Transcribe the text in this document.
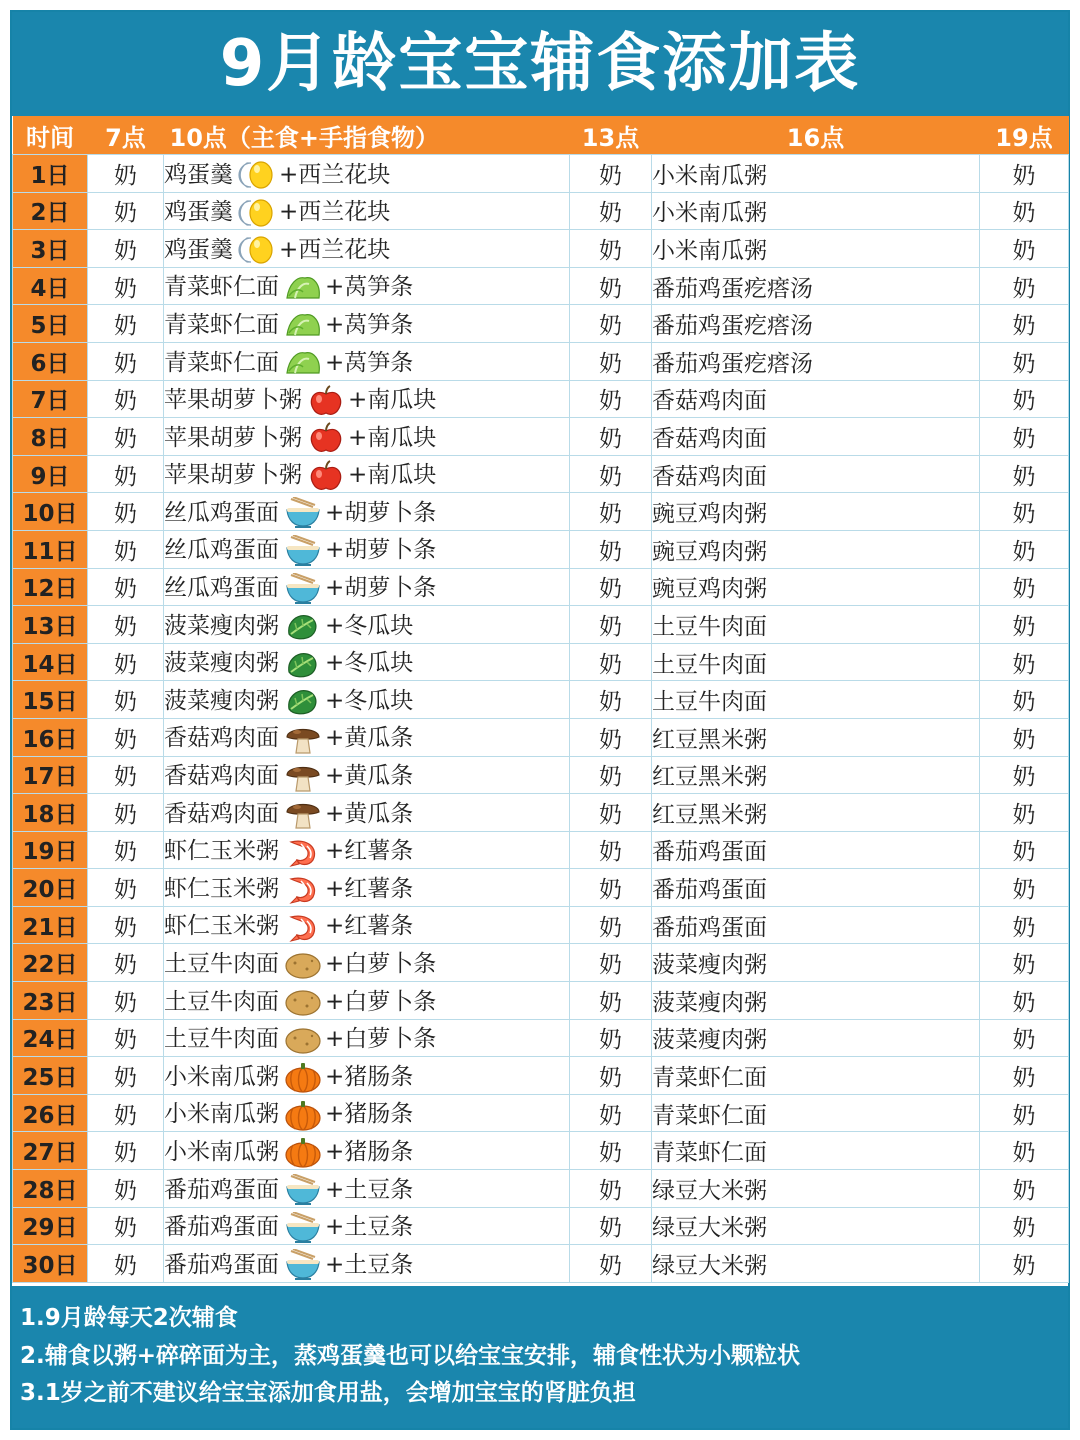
9月龄宝宝辅食添加表
时间	7点	10点（主食+手指食物）	13点	16点	19点
1日	奶	鸡蛋羹 +西兰花块	奶	小米南瓜粥	奶
2日	奶	鸡蛋羹 +西兰花块	奶	小米南瓜粥	奶
3日	奶	鸡蛋羹 +西兰花块	奶	小米南瓜粥	奶
4日	奶	青菜虾仁面 +莴笋条	奶	番茄鸡蛋疙瘩汤	奶
5日	奶	青菜虾仁面 +莴笋条	奶	番茄鸡蛋疙瘩汤	奶
6日	奶	青菜虾仁面 +莴笋条	奶	番茄鸡蛋疙瘩汤	奶
7日	奶	苹果胡萝卜粥 +南瓜块	奶	香菇鸡肉面	奶
8日	奶	苹果胡萝卜粥 +南瓜块	奶	香菇鸡肉面	奶
9日	奶	苹果胡萝卜粥 +南瓜块	奶	香菇鸡肉面	奶
10日	奶	丝瓜鸡蛋面 +胡萝卜条	奶	豌豆鸡肉粥	奶
11日	奶	丝瓜鸡蛋面 +胡萝卜条	奶	豌豆鸡肉粥	奶
12日	奶	丝瓜鸡蛋面 +胡萝卜条	奶	豌豆鸡肉粥	奶
13日	奶	菠菜瘦肉粥 +冬瓜块	奶	土豆牛肉面	奶
14日	奶	菠菜瘦肉粥 +冬瓜块	奶	土豆牛肉面	奶
15日	奶	菠菜瘦肉粥 +冬瓜块	奶	土豆牛肉面	奶
16日	奶	香菇鸡肉面 +黄瓜条	奶	红豆黑米粥	奶
17日	奶	香菇鸡肉面 +黄瓜条	奶	红豆黑米粥	奶
18日	奶	香菇鸡肉面 +黄瓜条	奶	红豆黑米粥	奶
19日	奶	虾仁玉米粥 +红薯条	奶	番茄鸡蛋面	奶
20日	奶	虾仁玉米粥 +红薯条	奶	番茄鸡蛋面	奶
21日	奶	虾仁玉米粥 +红薯条	奶	番茄鸡蛋面	奶
22日	奶	土豆牛肉面 +白萝卜条	奶	菠菜瘦肉粥	奶
23日	奶	土豆牛肉面 +白萝卜条	奶	菠菜瘦肉粥	奶
24日	奶	土豆牛肉面 +白萝卜条	奶	菠菜瘦肉粥	奶
25日	奶	小米南瓜粥 +猪肠条	奶	青菜虾仁面	奶
26日	奶	小米南瓜粥 +猪肠条	奶	青菜虾仁面	奶
27日	奶	小米南瓜粥 +猪肠条	奶	青菜虾仁面	奶
28日	奶	番茄鸡蛋面 +土豆条	奶	绿豆大米粥	奶
29日	奶	番茄鸡蛋面 +土豆条	奶	绿豆大米粥	奶
30日	奶	番茄鸡蛋面 +土豆条	奶	绿豆大米粥	奶

1.9月龄每天2次辅食

2.辅食以粥+碎碎面为主，蒸鸡蛋羹也可以给宝宝安排，辅食性状为小颗粒状

3.1岁之前不建议给宝宝添加食用盐，会增加宝宝的肾脏负担
